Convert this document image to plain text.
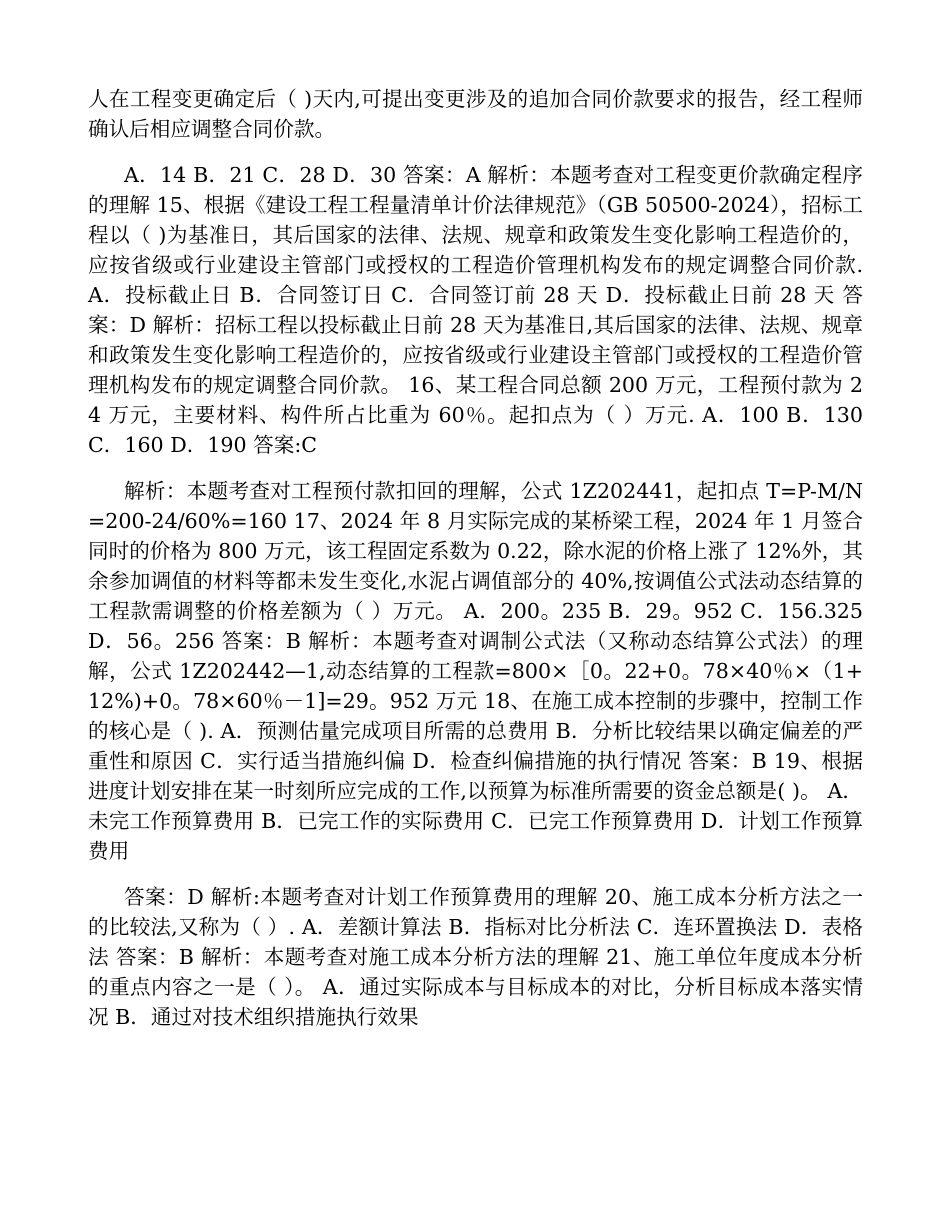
人在工程变更确定后（ )天内,可提出变更涉及的追加合同价款要求的报告，经工程师确认后相应调整合同价款。

A．14 B．21 C．28 D．30 答案：A 解析：本题考查对工程变更价款确定程序的理解 15、根据《建设工程工程量清单计价法律规范》（GB 50500-2024），招标工程以（ )为基准日，其后国家的法律、法规、规章和政策发生变化影响工程造价的，应按省级或行业建设主管部门或授权的工程造价管理机构发布的规定调整合同价款. A．投标截止日 B．合同签订日 C．合同签订前 28 天 D．投标截止日前 28 天 答案：D 解析：招标工程以投标截止日前 28 天为基准日,其后国家的法律、法规、规章和政策发生变化影响工程造价的，应按省级或行业建设主管部门或授权的工程造价管理机构发布的规定调整合同价款。 16、某工程合同总额 200 万元，工程预付款为 24 万元，主要材料、构件所占比重为 60％。起扣点为（ ）万元. A．100 B．130 C．160 D．190 答案:C

解析：本题考查对工程预付款扣回的理解，公式 1Z202441，起扣点 T=P-M/N=200-24/60%=160 17、2024 年 8 月实际完成的某桥梁工程，2024 年 1 月签合同时的价格为 800 万元，该工程固定系数为 0.22，除水泥的价格上涨了 12%外，其余参加调值的材料等都未发生变化,水泥占调值部分的 40%,按调值公式法动态结算的工程款需调整的价格差额为（ ）万元。 A．200。235 B．29。952 C．156.325 D．56。256 答案：B 解析：本题考查对调制公式法（又称动态结算公式法）的理解，公式 1Z202442—1,动态结算的工程款=800×［0。22+0。78×40％×（1+12%)+0。78×60％－1]=29。952 万元 18、在施工成本控制的步骤中，控制工作的核心是（ ). A．预测估量完成项目所需的总费用 B．分析比较结果以确定偏差的严重性和原因 C．实行适当措施纠偏 D．检查纠偏措施的执行情况 答案：B 19、根据进度计划安排在某一时刻所应完成的工作,以预算为标准所需要的资金总额是( )。 A．未完工作预算费用 B．已完工作的实际费用 C．已完工作预算费用 D．计划工作预算费用

答案：D 解析:本题考查对计划工作预算费用的理解 20、施工成本分析方法之一的比较法,又称为（ ）. A．差额计算法 B．指标对比分析法 C．连环置换法 D．表格法 答案：B 解析：本题考查对施工成本分析方法的理解 21、施工单位年度成本分析的重点内容之一是（ ）。 A．通过实际成本与目标成本的对比，分析目标成本落实情况 B．通过对技术组织措施执行效果
